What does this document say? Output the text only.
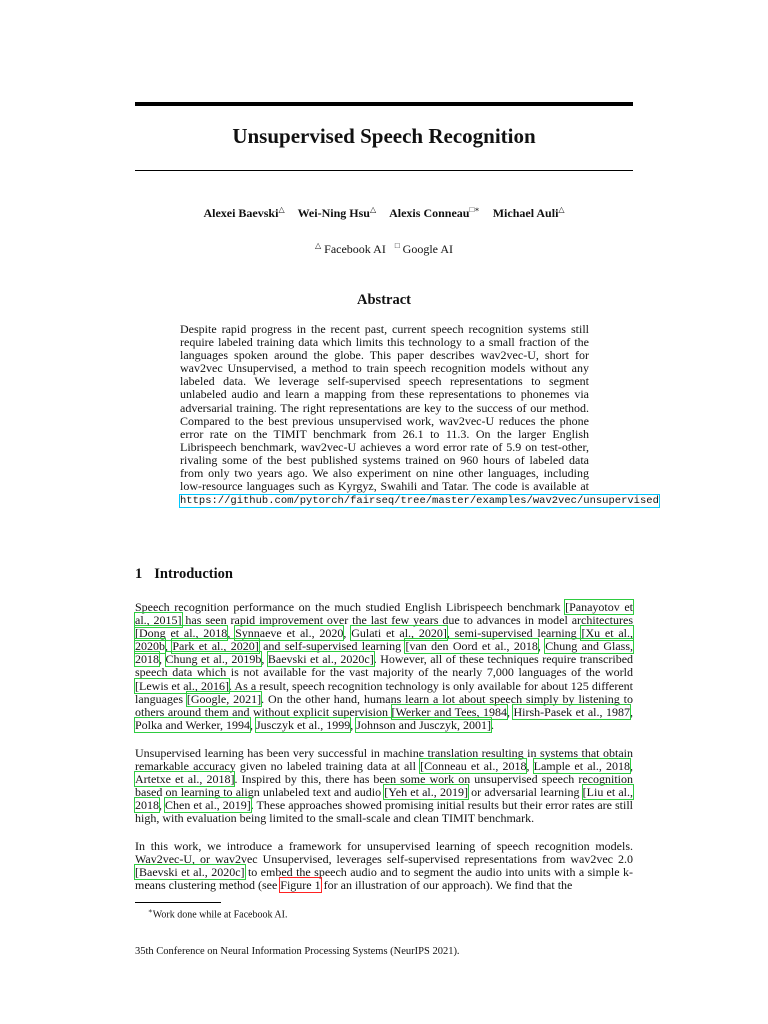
Unsupervised Speech Recognition
Alexei Baevski△ Wei-Ning Hsu△ Alexis Conneau□∗ Michael Auli△
△ Facebook AI □ Google AI
Abstract
Despite rapid progress in the recent past, current speech recognition systems still require labeled training data which limits this technology to a small fraction of the languages spoken around the globe. This paper describes wav2vec-U, short for wav2vec Unsupervised, a method to train speech recognition models without any labeled data. We leverage self-supervised speech representations to segment unlabeled audio and learn a mapping from these representations to phonemes via adversarial training. The right representations are key to the success of our method. Compared to the best previous unsupervised work, wav2vec-U reduces the phone error rate on the TIMIT benchmark from 26.1 to 11.3. On the larger English Librispeech benchmark, wav2vec-U achieves a word error rate of 5.9 on test-other, rivaling some of the best published systems trained on 960 hours of labeled data from only two years ago. We also experiment on nine other languages, including low-resource languages such as Kyrgyz, Swahili and Tatar. The code is available at https://github.com/pytorch/fairseq/tree/master/examples/wav2vec/unsupervised
1 Introduction
Speech recognition performance on the much studied English Librispeech benchmark [Panayotov et al., 2015] has seen rapid improvement over the last few years due to advances in model architectures [Dong et al., 2018, Synnaeve et al., 2020, Gulati et al., 2020], semi-supervised learning [Xu et al., 2020b, Park et al., 2020] and self-supervised learning [van den Oord et al., 2018, Chung and Glass, 2018, Chung et al., 2019b, Baevski et al., 2020c]. However, all of these techniques require transcribed speech data which is not available for the vast majority of the nearly 7,000 languages of the world [Lewis et al., 2016]. As a result, speech recognition technology is only available for about 125 different languages [Google, 2021]. On the other hand, humans learn a lot about speech simply by listening to others around them and without explicit supervision [Werker and Tees, 1984, Hirsh-Pasek et al., 1987, Polka and Werker, 1994, Jusczyk et al., 1999, Johnson and Jusczyk, 2001].
Unsupervised learning has been very successful in machine translation resulting in systems that obtain remarkable accuracy given no labeled training data at all [Conneau et al., 2018, Lample et al., 2018, Artetxe et al., 2018]. Inspired by this, there has been some work on unsupervised speech recognition based on learning to align unlabeled text and audio [Yeh et al., 2019] or adversarial learning [Liu et al., 2018, Chen et al., 2019]. These approaches showed promising initial results but their error rates are still high, with evaluation being limited to the small-scale and clean TIMIT benchmark.
In this work, we introduce a framework for unsupervised learning of speech recognition models. Wav2vec-U, or wav2vec Unsupervised, leverages self-supervised representations from wav2vec 2.0 [Baevski et al., 2020c] to embed the speech audio and to segment the audio into units with a simple k-means clustering method (see Figure 1 for an illustration of our approach). We find that the
∗Work done while at Facebook AI.
35th Conference on Neural Information Processing Systems (NeurIPS 2021).
